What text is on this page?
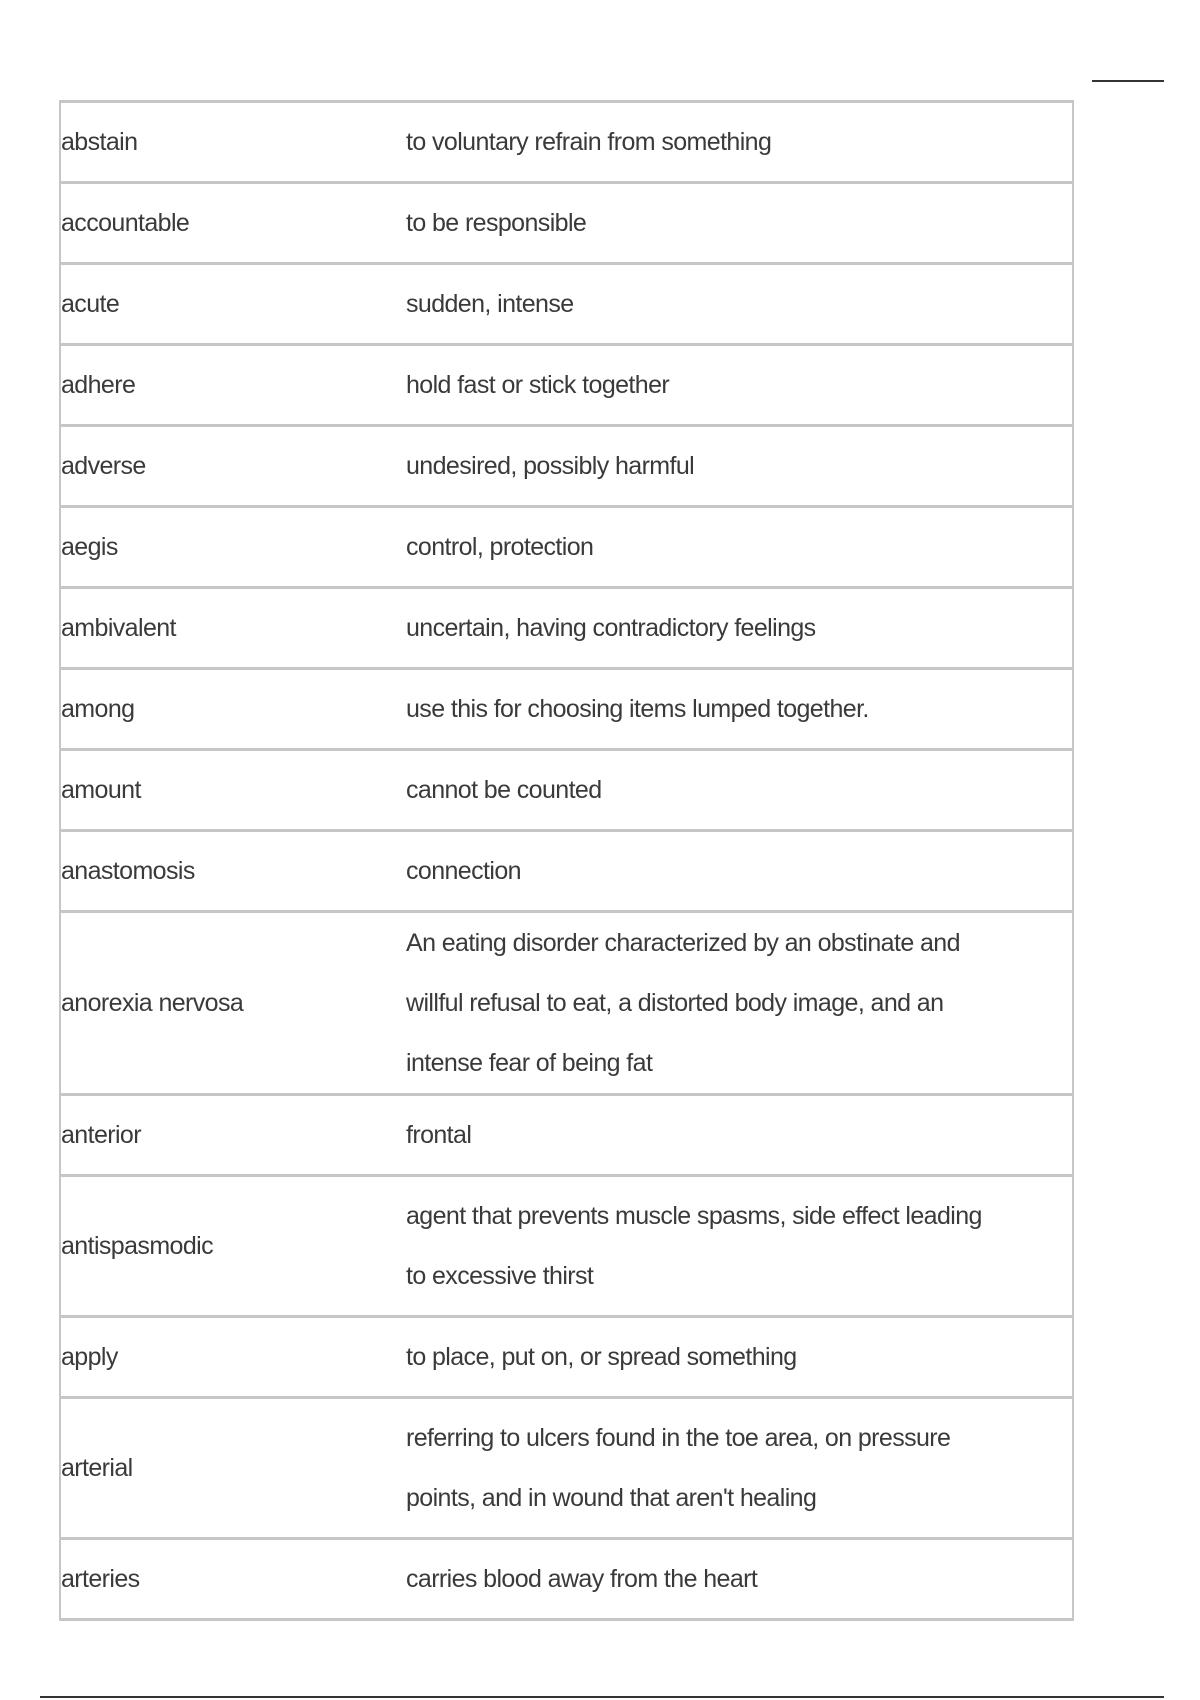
abstain	to voluntary refrain from something
accountable	to be responsible
acute	sudden, intense
adhere	hold fast or stick together
adverse	undesired, possibly harmful
aegis	control, protection
ambivalent	uncertain, having contradictory feelings
among	use this for choosing items lumped together.
amount	cannot be counted
anastomosis	connection
anorexia nervosa	An eating disorder characterized by an obstinate and willful refusal to eat, a distorted body image, and an intense fear of being fat
anterior	frontal
antispasmodic	agent that prevents muscle spasms, side effect leading to excessive thirst
apply	to place, put on, or spread something
arterial	referring to ulcers found in the toe area, on pressure points, and in wound that aren't healing
arteries	carries blood away from the heart
